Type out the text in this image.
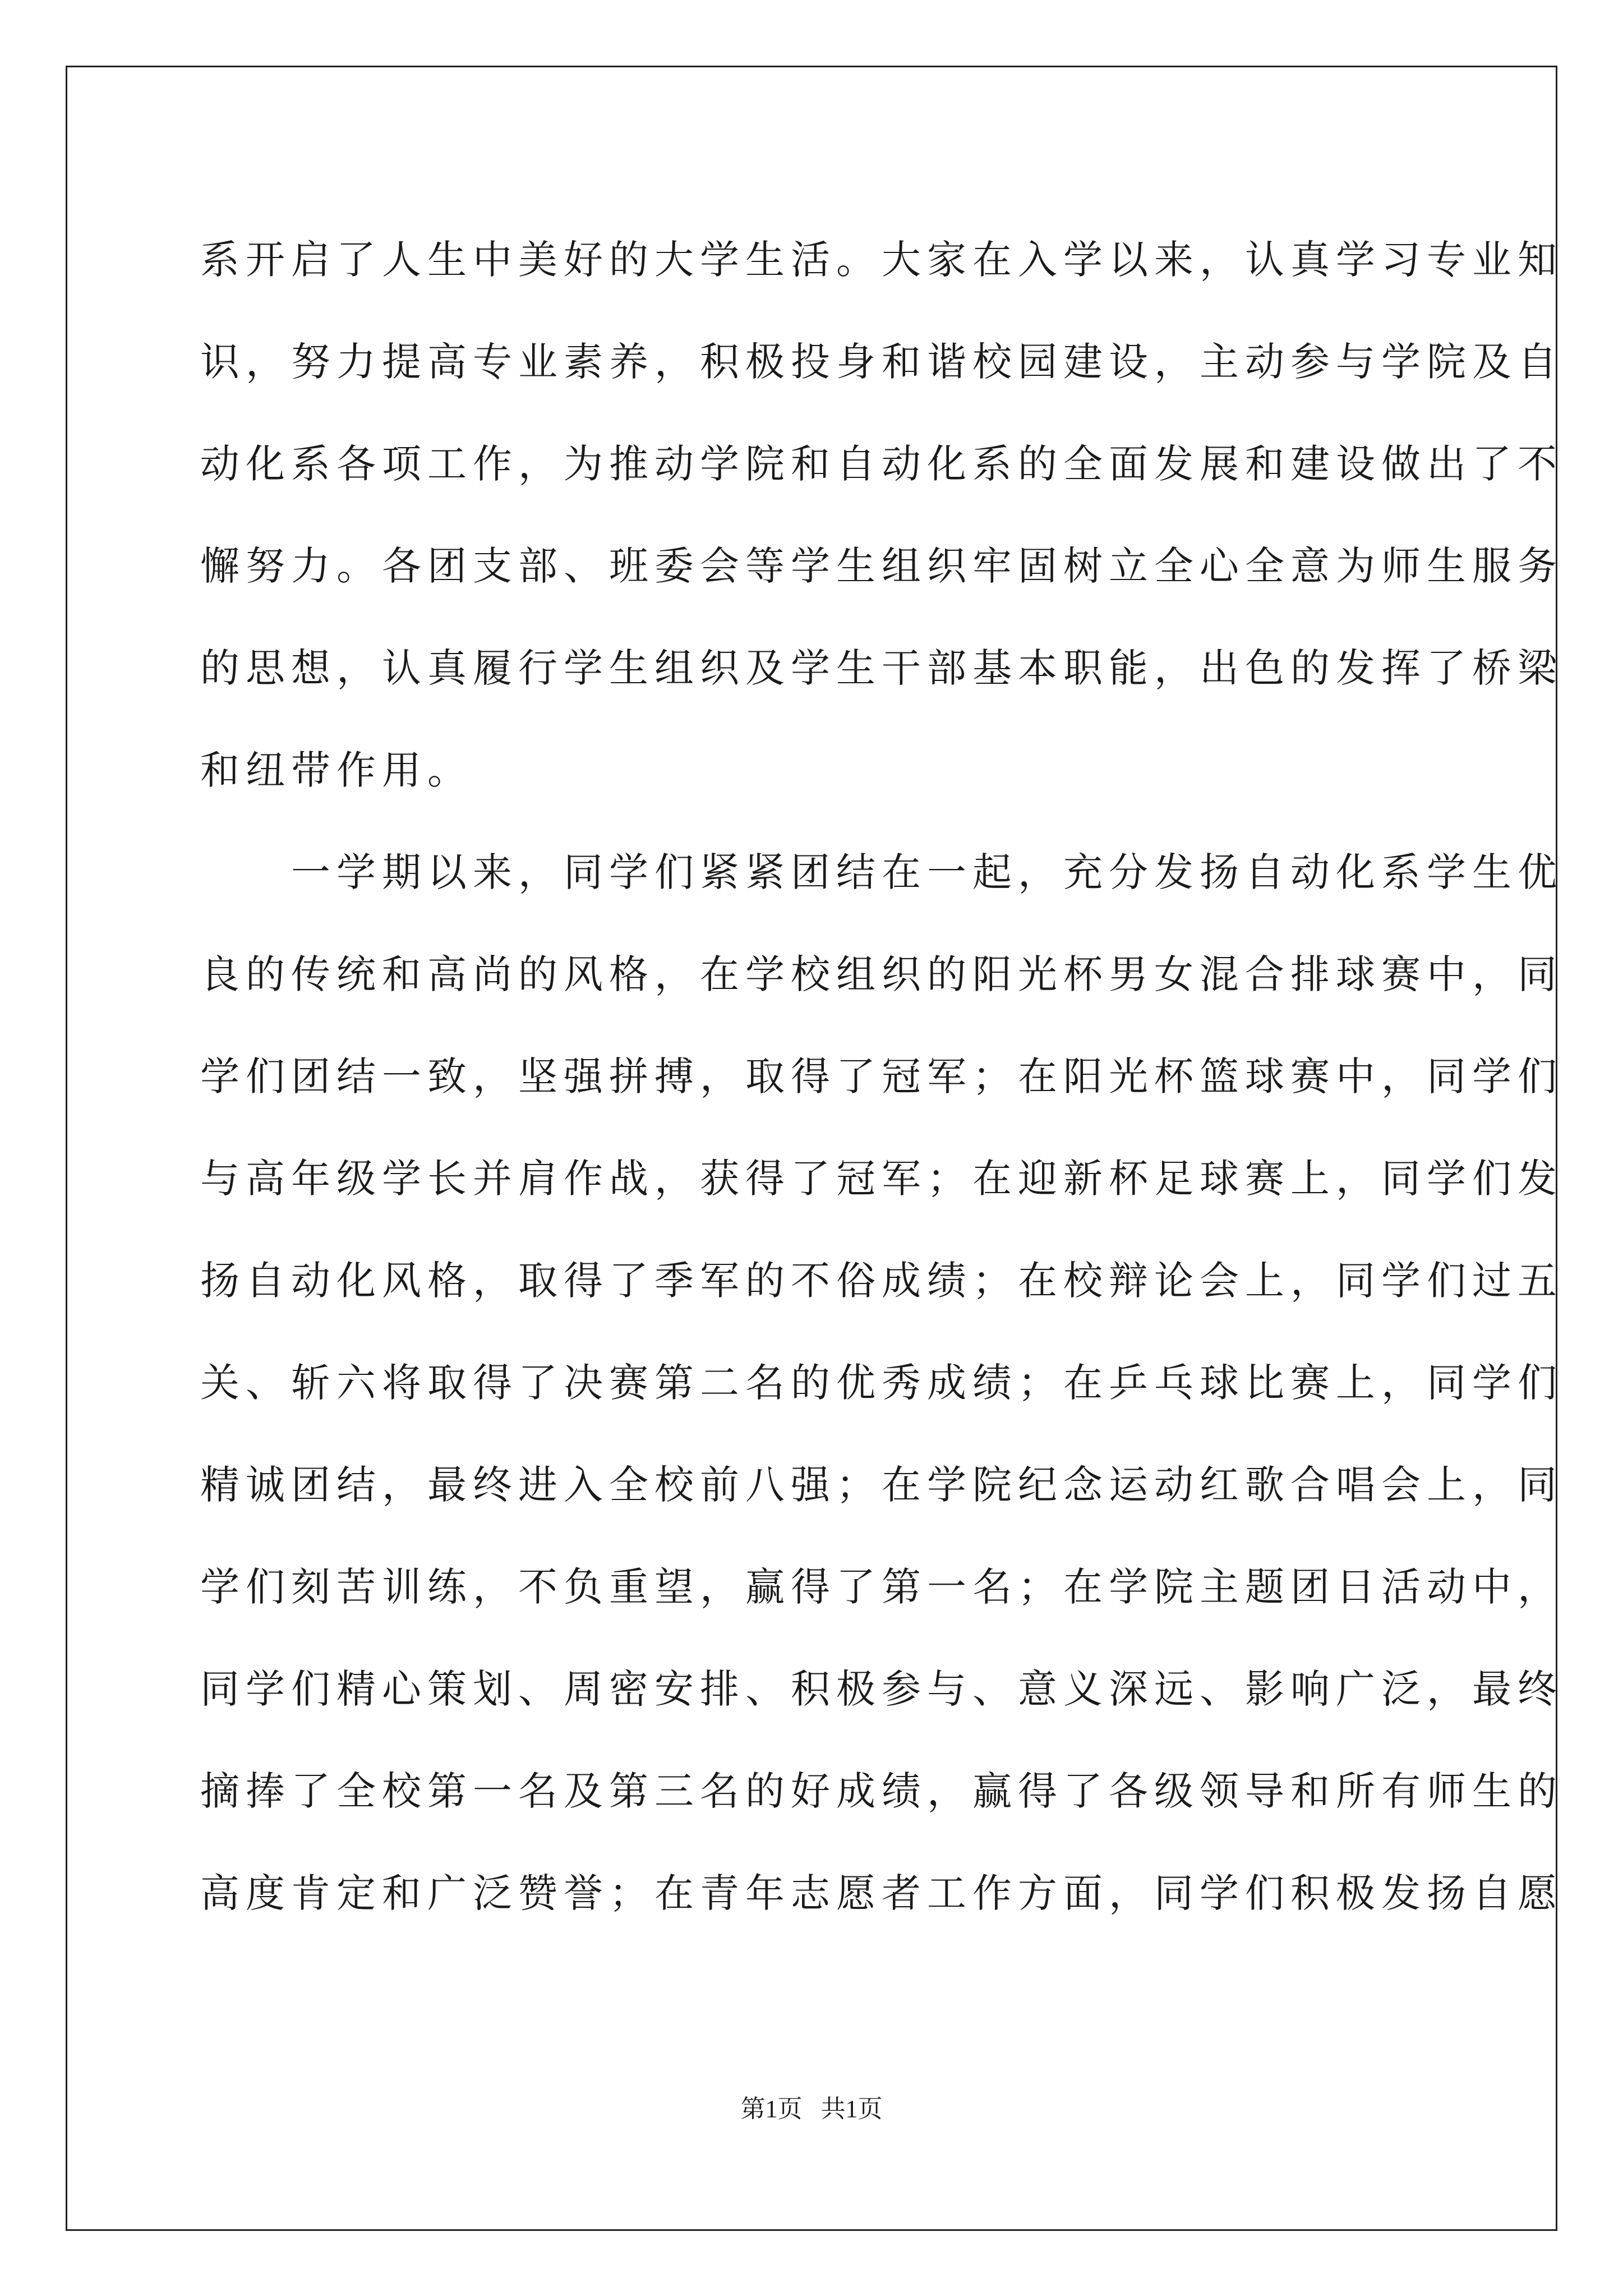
系开启了人生中美好的大学生活。大家在入学以来，认真学习专业知
识，努力提高专业素养，积极投身和谐校园建设，主动参与学院及自
动化系各项工作，为推动学院和自动化系的全面发展和建设做出了不
懈努力。各团支部、班委会等学生组织牢固树立全心全意为师生服务
的思想，认真履行学生组织及学生干部基本职能，出色的发挥了桥梁
和纽带作用。
一学期以来，同学们紧紧团结在一起，充分发扬自动化系学生优
良的传统和高尚的风格，在学校组织的阳光杯男女混合排球赛中，同
学们团结一致，坚强拼搏，取得了冠军；在阳光杯篮球赛中，同学们
与高年级学长并肩作战，获得了冠军；在迎新杯足球赛上，同学们发
扬自动化风格，取得了季军的不俗成绩；在校辩论会上，同学们过五
关、斩六将取得了决赛第二名的优秀成绩；在乒乓球比赛上，同学们
精诚团结，最终进入全校前八强；在学院纪念运动红歌合唱会上，同
学们刻苦训练，不负重望，赢得了第一名；在学院主题团日活动中，
同学们精心策划、周密安排、积极参与、意义深远、影响广泛，最终
摘捧了全校第一名及第三名的好成绩，赢得了各级领导和所有师生的
高度肯定和广泛赞誉；在青年志愿者工作方面，同学们积极发扬自愿
第1页 共1页
